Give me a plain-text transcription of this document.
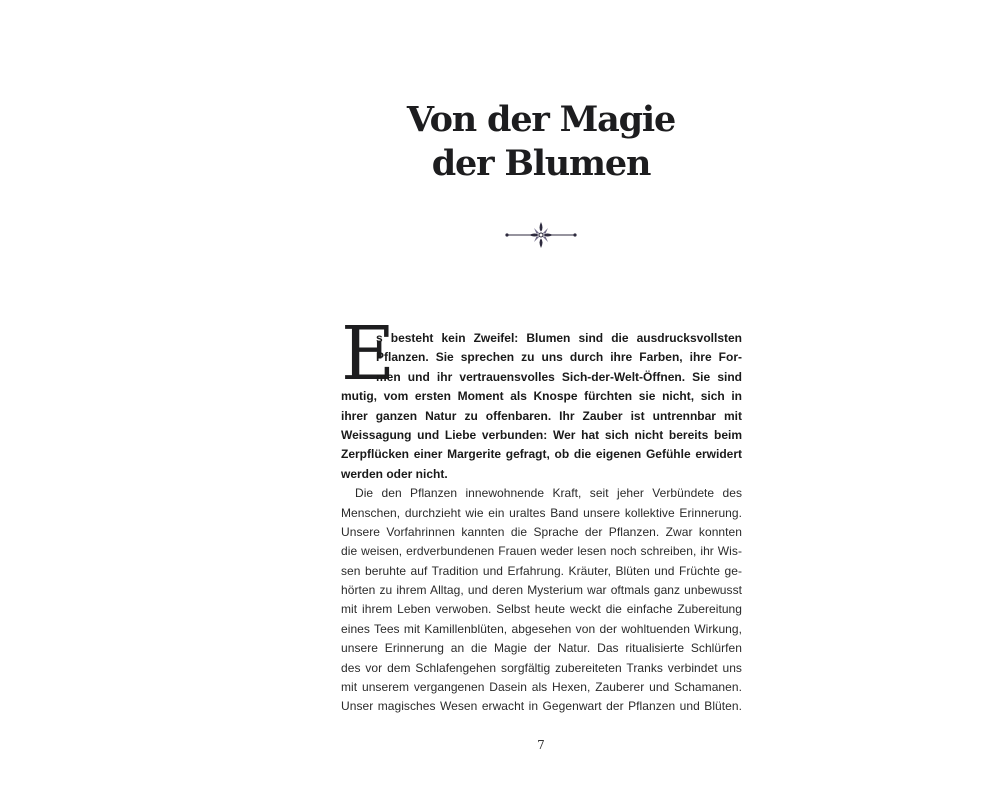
Von der Magie
der Blumen
E
s besteht kein Zweifel: Blumen sind die ausdrucksvollsten
Pflanzen. Sie sprechen zu uns durch ihre Farben, ihre For-
men und ihr vertrauensvolles Sich-der-Welt-Öffnen. Sie sind
mutig, vom ersten Moment als Knospe fürchten sie nicht, sich in
ihrer ganzen Natur zu offenbaren. Ihr Zauber ist untrennbar mit
Weissagung und Liebe verbunden: Wer hat sich nicht bereits beim
Zerpflücken einer Margerite gefragt, ob die eigenen Gefühle erwidert
werden oder nicht.
Die den Pflanzen innewohnende Kraft, seit jeher Verbündete des
Menschen, durchzieht wie ein uraltes Band unsere kollektive Erinnerung.
Unsere Vorfahrinnen kannten die Sprache der Pflanzen. Zwar konnten
die weisen, erdverbundenen Frauen weder lesen noch schreiben, ihr Wis-
sen beruhte auf Tradition und Erfahrung. Kräuter, Blüten und Früchte ge-
hörten zu ihrem Alltag, und deren Mysterium war oftmals ganz unbewusst
mit ihrem Leben verwoben. Selbst heute weckt die einfache Zubereitung
eines Tees mit Kamillenblüten, abgesehen von der wohltuenden Wirkung,
unsere Erinnerung an die Magie der Natur. Das ritualisierte Schlürfen
des vor dem Schlafengehen sorgfältig zubereiteten Tranks verbindet uns
mit unserem vergangenen Dasein als Hexen, Zauberer und Schamanen.
Unser magisches Wesen erwacht in Gegenwart der Pflanzen und Blüten.
7
